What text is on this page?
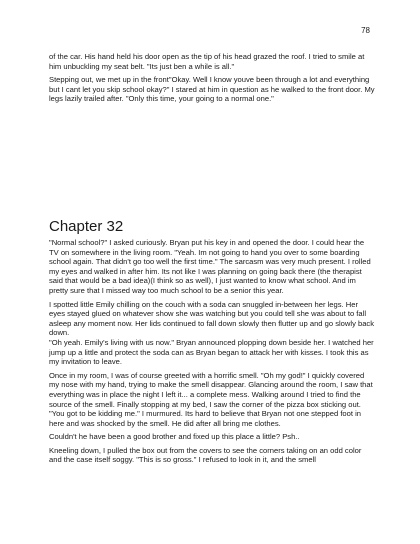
78

of the car. His hand held his door open as the tip of his head grazed the roof. I tried to smile at him unbuckling my seat belt. "Its just ben a while is all."

Stepping out, we met up in the front"Okay. Well I know youve been through a lot and everything but I cant let you skip school okay?" I stared at him in question as he walked to the front door. My legs lazily trailed after. "Only this time, your going to a normal one."

Chapter 32

"Normal school?" I asked curiously. Bryan put his key in and opened the door. I could hear the TV on somewhere in the living room. "Yeah. Im not going to hand you over to some boarding school again. That didn't go too well the first time." The sarcasm was very much present. I rolled my eyes and walked in after him. Its not like I was planning on going back there (the therapist said that would be a bad idea)(I think so as well), I just wanted to know what school. And im pretty sure that I missed way too much school to be a senior this year.

I spotted little Emily chilling on the couch with a soda can snuggled in-between her legs. Her eyes stayed glued on whatever show she was watching but you could tell she was about to fall asleep any moment now. Her lids continued to fall down slowly then flutter up and go slowly back down.

"Oh yeah. Emily's living with us now." Bryan announced plopping down beside her. I watched her jump up a little and protect the soda can as Bryan began to attack her with kisses. I took this as my invitation to leave.

Once in my room, I was of course greeted with a horrific smell. "Oh my god!" I quickly covered my nose with my hand, trying to make the smell disappear. Glancing around the room, I saw that everything was in place the night I left it... a complete mess. Walking around I tried to find the source of the smell. Finally stopping at my bed, I saw the corner of the pizza box sticking out. "You got to be kidding me." I murmured. Its hard to believe that Bryan not one stepped foot in here and was shocked by the smell. He did after all bring me clothes.

Couldn't he have been a good brother and fixed up this place a little? Psh..

Kneeling down, I pulled the box out from the covers to see the corners taking on an odd color and the case itself soggy. "This is so gross." I refused to look in it, and the smell
